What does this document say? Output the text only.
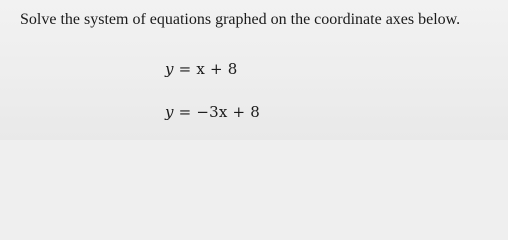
Solve the system of equations graphed on the coordinate axes below.
y = x + 8
y = −3x + 8
